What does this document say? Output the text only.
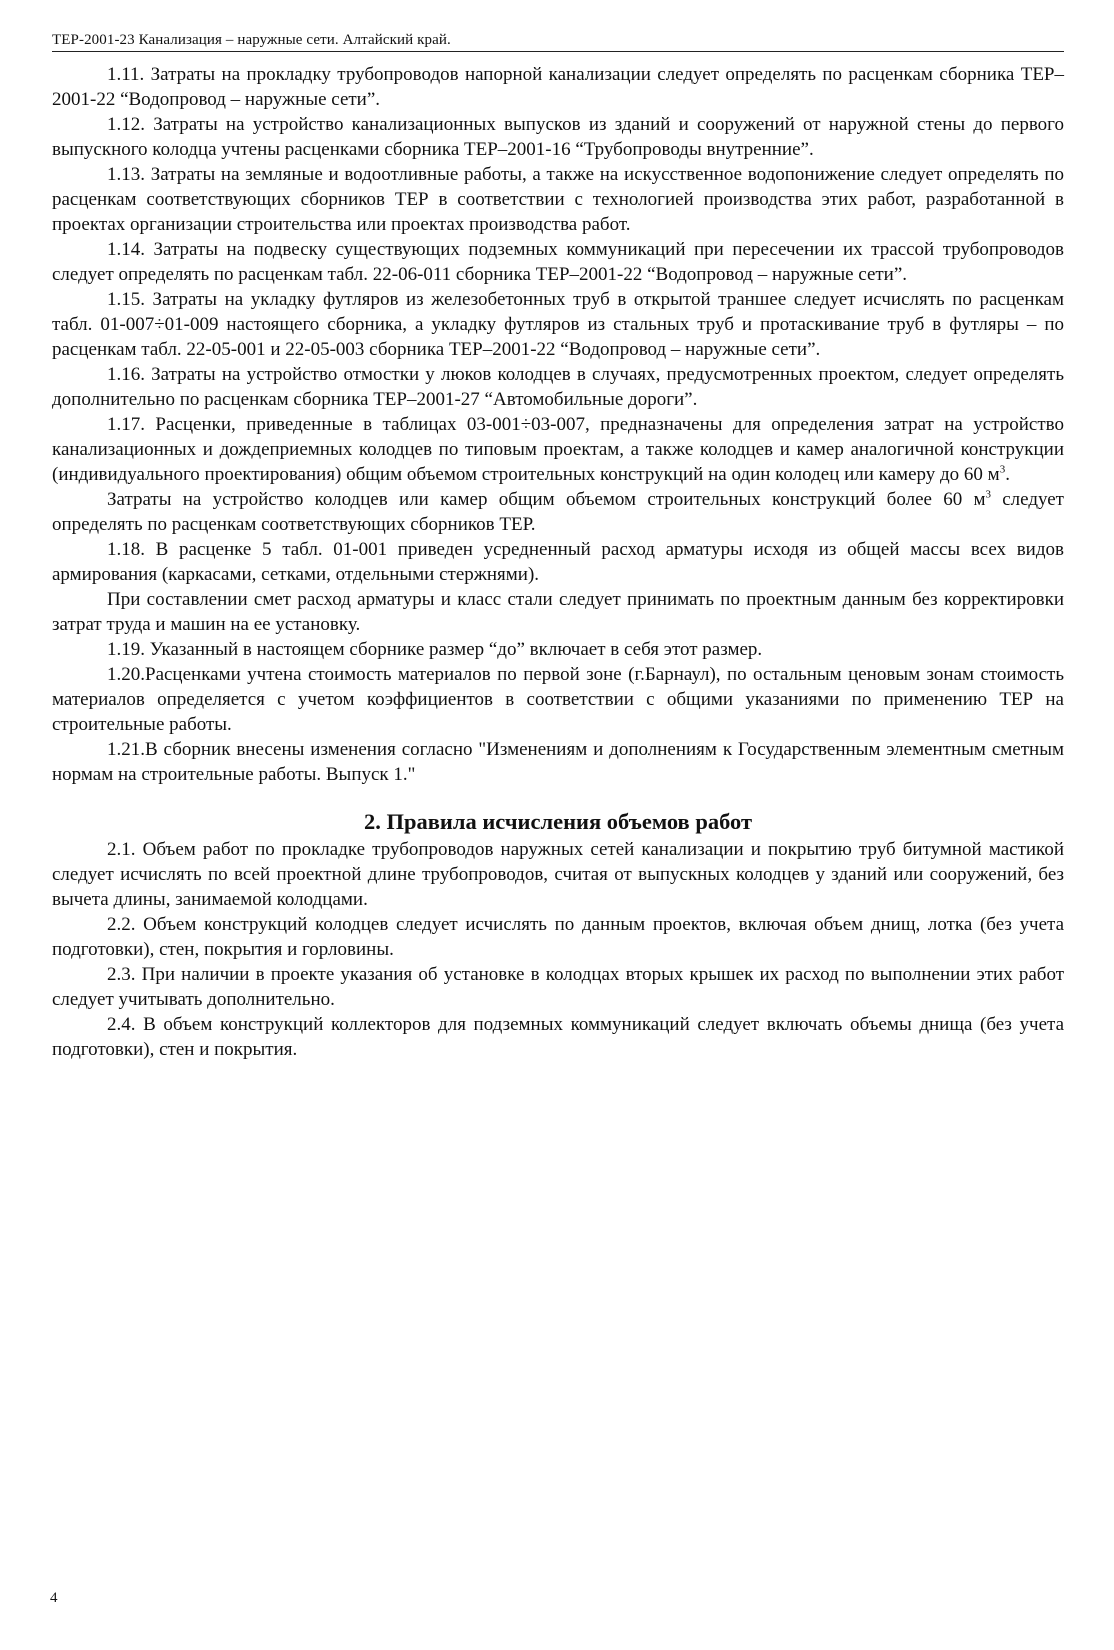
ТЕР-2001-23 Канализация – наружные сети. Алтайский край.

1.11. Затраты на прокладку трубопроводов напорной канализации следует определять по расценкам сборника ТЕР–2001-22 “Водопровод – наружные сети”.

1.12. Затраты на устройство канализационных выпусков из зданий и сооружений от наружной стены до первого выпускного колодца учтены расценками сборника ТЕР–2001-16 “Трубопроводы внутренние”.

1.13. Затраты на земляные и водоотливные работы, а также на искусственное водопонижение следует определять по расценкам соответствующих сборников ТЕР в соответствии с технологией производства этих работ, разработанной в проектах организации строительства или проектах производства работ.

1.14. Затраты на подвеску существующих подземных коммуникаций при пересечении их трассой трубопроводов следует определять по расценкам табл. 22-06-011 сборника ТЕР–2001-22 “Водопровод – наружные сети”.

1.15. Затраты на укладку футляров из железобетонных труб в открытой траншее следует исчислять по расценкам табл. 01-007÷01-009 настоящего сборника, а укладку футляров из стальных труб и протаскивание труб в футляры – по расценкам табл. 22-05-001 и 22-05-003 сборника ТЕР–2001-22 “Водопровод – наружные сети”.

1.16. Затраты на устройство отмостки у люков колодцев в случаях, предусмотренных проектом, следует определять дополнительно по расценкам сборника ТЕР–2001-27 “Автомобильные дороги”.

1.17. Расценки, приведенные в таблицах 03-001÷03-007, предназначены для определения затрат на устройство канализационных и дождеприемных колодцев по типовым проектам, а также колодцев и камер аналогичной конструкции (индивидуального проектирования) общим объемом строительных конструкций на один колодец или камеру до 60 $м^3$.

Затраты на устройство колодцев или камер общим объемом строительных конструкций более 60 $м^3$ следует определять по расценкам соответствующих сборников ТЕР.

1.18. В расценке 5 табл. 01-001 приведен усредненный расход арматуры исходя из общей массы всех видов армирования (каркасами, сетками, отдельными стержнями).

При составлении смет расход арматуры и класс стали следует принимать по проектным данным без корректировки затрат труда и машин на ее установку.

1.19. Указанный в настоящем сборнике размер “до” включает в себя этот размер.

1.20.Расценками учтена стоимость материалов по первой зоне (г.Барнаул), по остальным ценовым зонам стоимость материалов определяется с учетом коэффициентов в соответствии с общими указаниями по применению ТЕР на строительные работы.

1.21.В сборник внесены изменения согласно "Изменениям и дополнениям к Государственным элементным сметным нормам на строительные работы. Выпуск 1."

2. Правила исчисления объемов работ

2.1. Объем работ по прокладке трубопроводов наружных сетей канализации и покрытию труб битумной мастикой следует исчислять по всей проектной длине трубопроводов, считая от выпускных колодцев у зданий или сооружений, без вычета длины, занимаемой колодцами.

2.2. Объем конструкций колодцев следует исчислять по данным проектов, включая объем днищ, лотка (без учета подготовки), стен, покрытия и горловины.

2.3. При наличии в проекте указания об установке в колодцах вторых крышек их расход по выполнении этих работ следует учитывать дополнительно.

2.4. В объем конструкций коллекторов для подземных коммуникаций следует включать объемы днища (без учета подготовки), стен и покрытия.

4
